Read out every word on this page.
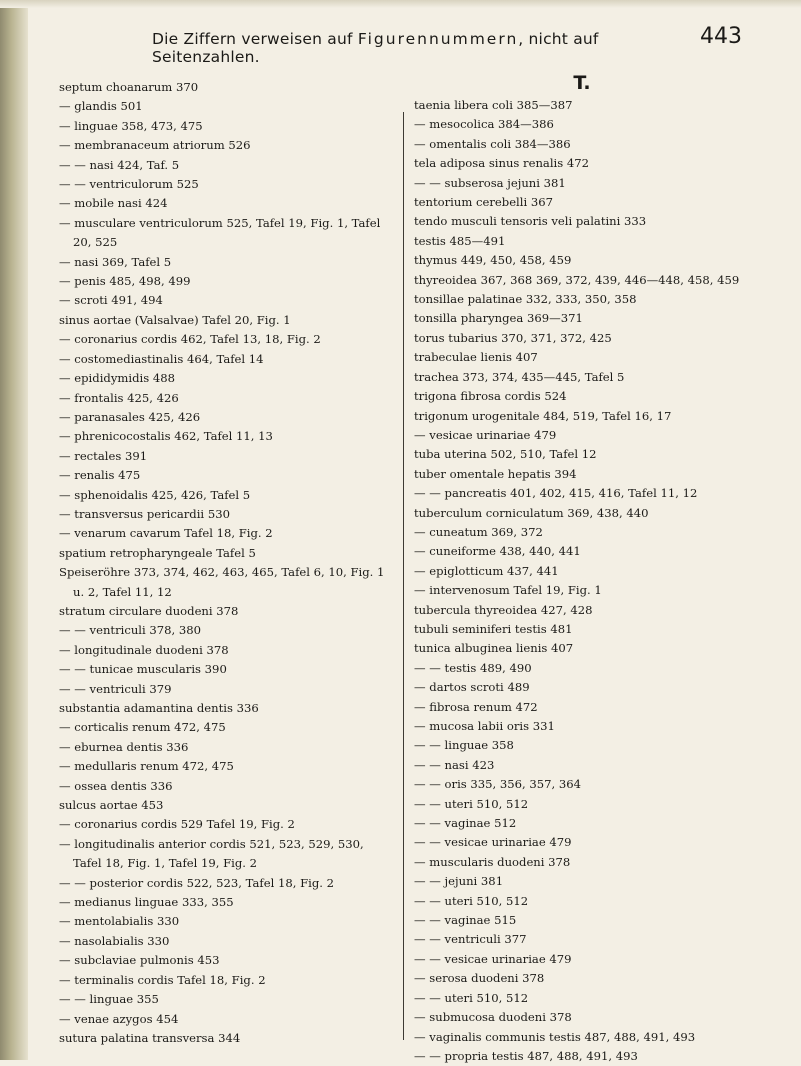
Die Ziffern verweisen auf Figurennummern, nicht auf Seitenzahlen.
443
septum choanarum 370
— glandis 501
— linguae 358, 473, 475
— membranaceum atriorum 526
— — nasi 424, Taf. 5
— — ventriculorum 525
— mobile nasi 424
— musculare ventriculorum 525, Tafel 19, Fig. 1, Tafel 20, 525
— nasi 369, Tafel 5
— penis 485, 498, 499
— scroti 491, 494
sinus aortae (Valsalvae) Tafel 20, Fig. 1
— coronarius cordis 462, Tafel 13, 18, Fig. 2
— costomediastinalis 464, Tafel 14
— epididymidis 488
— frontalis 425, 426
— paranasales 425, 426
— phrenicocostalis 462, Tafel 11, 13
— rectales 391
— renalis 475
— sphenoidalis 425, 426, Tafel 5
— transversus pericardii 530
— venarum cavarum Tafel 18, Fig. 2
spatium retropharyngeale Tafel 5
Speiseröhre 373, 374, 462, 463, 465, Tafel 6, 10, Fig. 1 u. 2, Tafel 11, 12
stratum circulare duodeni 378
— — ventriculi 378, 380
— longitudinale duodeni 378
— — tunicae muscularis 390
— — ventriculi 379
substantia adamantina dentis 336
— corticalis renum 472, 475
— eburnea dentis 336
— medullaris renum 472, 475
— ossea dentis 336
sulcus aortae 453
— coronarius cordis 529 Tafel 19, Fig. 2
— longitudinalis anterior cordis 521, 523, 529, 530, Tafel 18, Fig. 1, Tafel 19, Fig. 2
— — posterior cordis 522, 523, Tafel 18, Fig. 2
— medianus linguae 333, 355
— mentolabialis 330
— nasolabialis 330
— subclaviae pulmonis 453
— terminalis cordis Tafel 18, Fig. 2
— — linguae 355
— venae azygos 454
sutura palatina transversa 344
T.
taenia libera coli 385—387
— mesocolica 384—386
— omentalis coli 384—386
tela adiposa sinus renalis 472
— — subserosa jejuni 381
tentorium cerebelli 367
tendo musculi tensoris veli palatini 333
testis 485—491
thymus 449, 450, 458, 459
thyreoidea 367, 368 369, 372, 439, 446—448, 458, 459
tonsillae palatinae 332, 333, 350, 358
tonsilla pharyngea 369—371
torus tubarius 370, 371, 372, 425
trabeculae lienis 407
trachea 373, 374, 435—445, Tafel 5
trigona fibrosa cordis 524
trigonum urogenitale 484, 519, Tafel 16, 17
— vesicae urinariae 479
tuba uterina 502, 510, Tafel 12
tuber omentale hepatis 394
— — pancreatis 401, 402, 415, 416, Tafel 11, 12
tuberculum corniculatum 369, 438, 440
— cuneatum 369, 372
— cuneiforme 438, 440, 441
— epiglotticum 437, 441
— intervenosum Tafel 19, Fig. 1
tubercula thyreoidea 427, 428
tubuli seminiferi testis 481
tunica albuginea lienis 407
— — testis 489, 490
— dartos scroti 489
— fibrosa renum 472
— mucosa labii oris 331
— — linguae 358
— — nasi 423
— — oris 335, 356, 357, 364
— — uteri 510, 512
— — vaginae 512
— — vesicae urinariae 479
— muscularis duodeni 378
— — jejuni 381
— — uteri 510, 512
— — vaginae 515
— — ventriculi 377
— — vesicae urinariae 479
— serosa duodeni 378
— — uteri 510, 512
— submucosa duodeni 378
— vaginalis communis testis 487, 488, 491, 493
— — propria testis 487, 488, 491, 493
